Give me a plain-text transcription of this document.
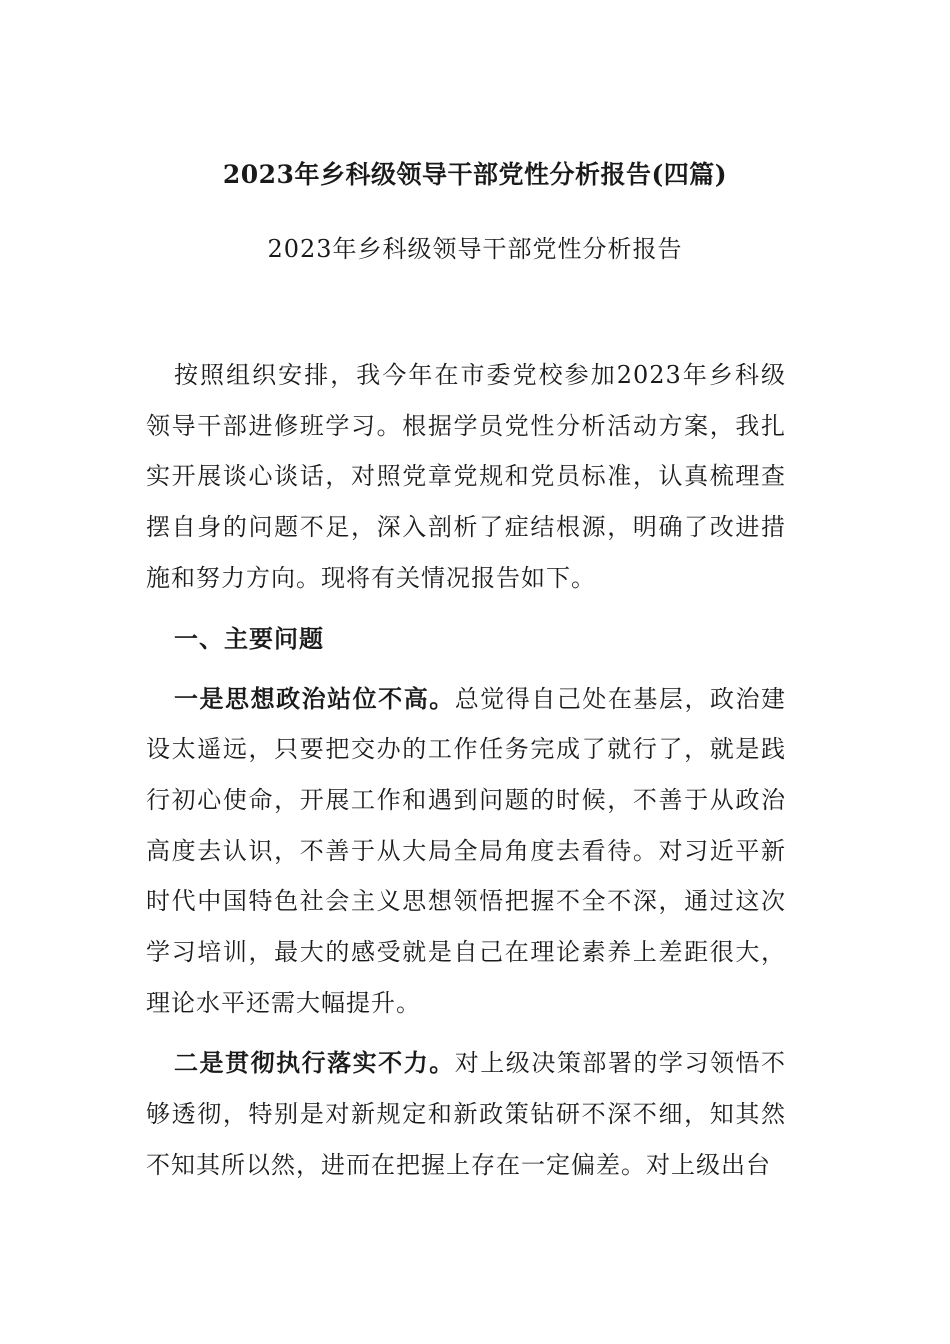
2023年乡科级领导干部党性分析报告(四篇)
2023年乡科级领导干部党性分析报告

按照组织安排，我今年在市委党校参加2023年乡科级领导干部进修班学习。根据学员党性分析活动方案，我扎实开展谈心谈话，对照党章党规和党员标准，认真梳理查摆自身的问题不足，深入剖析了症结根源，明确了改进措施和努力方向。现将有关情况报告如下。

一、主要问题

一是思想政治站位不高。总觉得自己处在基层，政治建设太遥远，只要把交办的工作任务完成了就行了，就是践行初心使命，开展工作和遇到问题的时候，不善于从政治高度去认识，不善于从大局全局角度去看待。对习近平新时代中国特色社会主义思想领悟把握不全不深，通过这次学习培训，最大的感受就是自己在理论素养上差距很大，理论水平还需大幅提升。

二是贯彻执行落实不力。对上级决策部署的学习领悟不够透彻，特别是对新规定和新政策钻研不深不细，知其然不知其所以然，进而在把握上存在一定偏差。对上级出台
